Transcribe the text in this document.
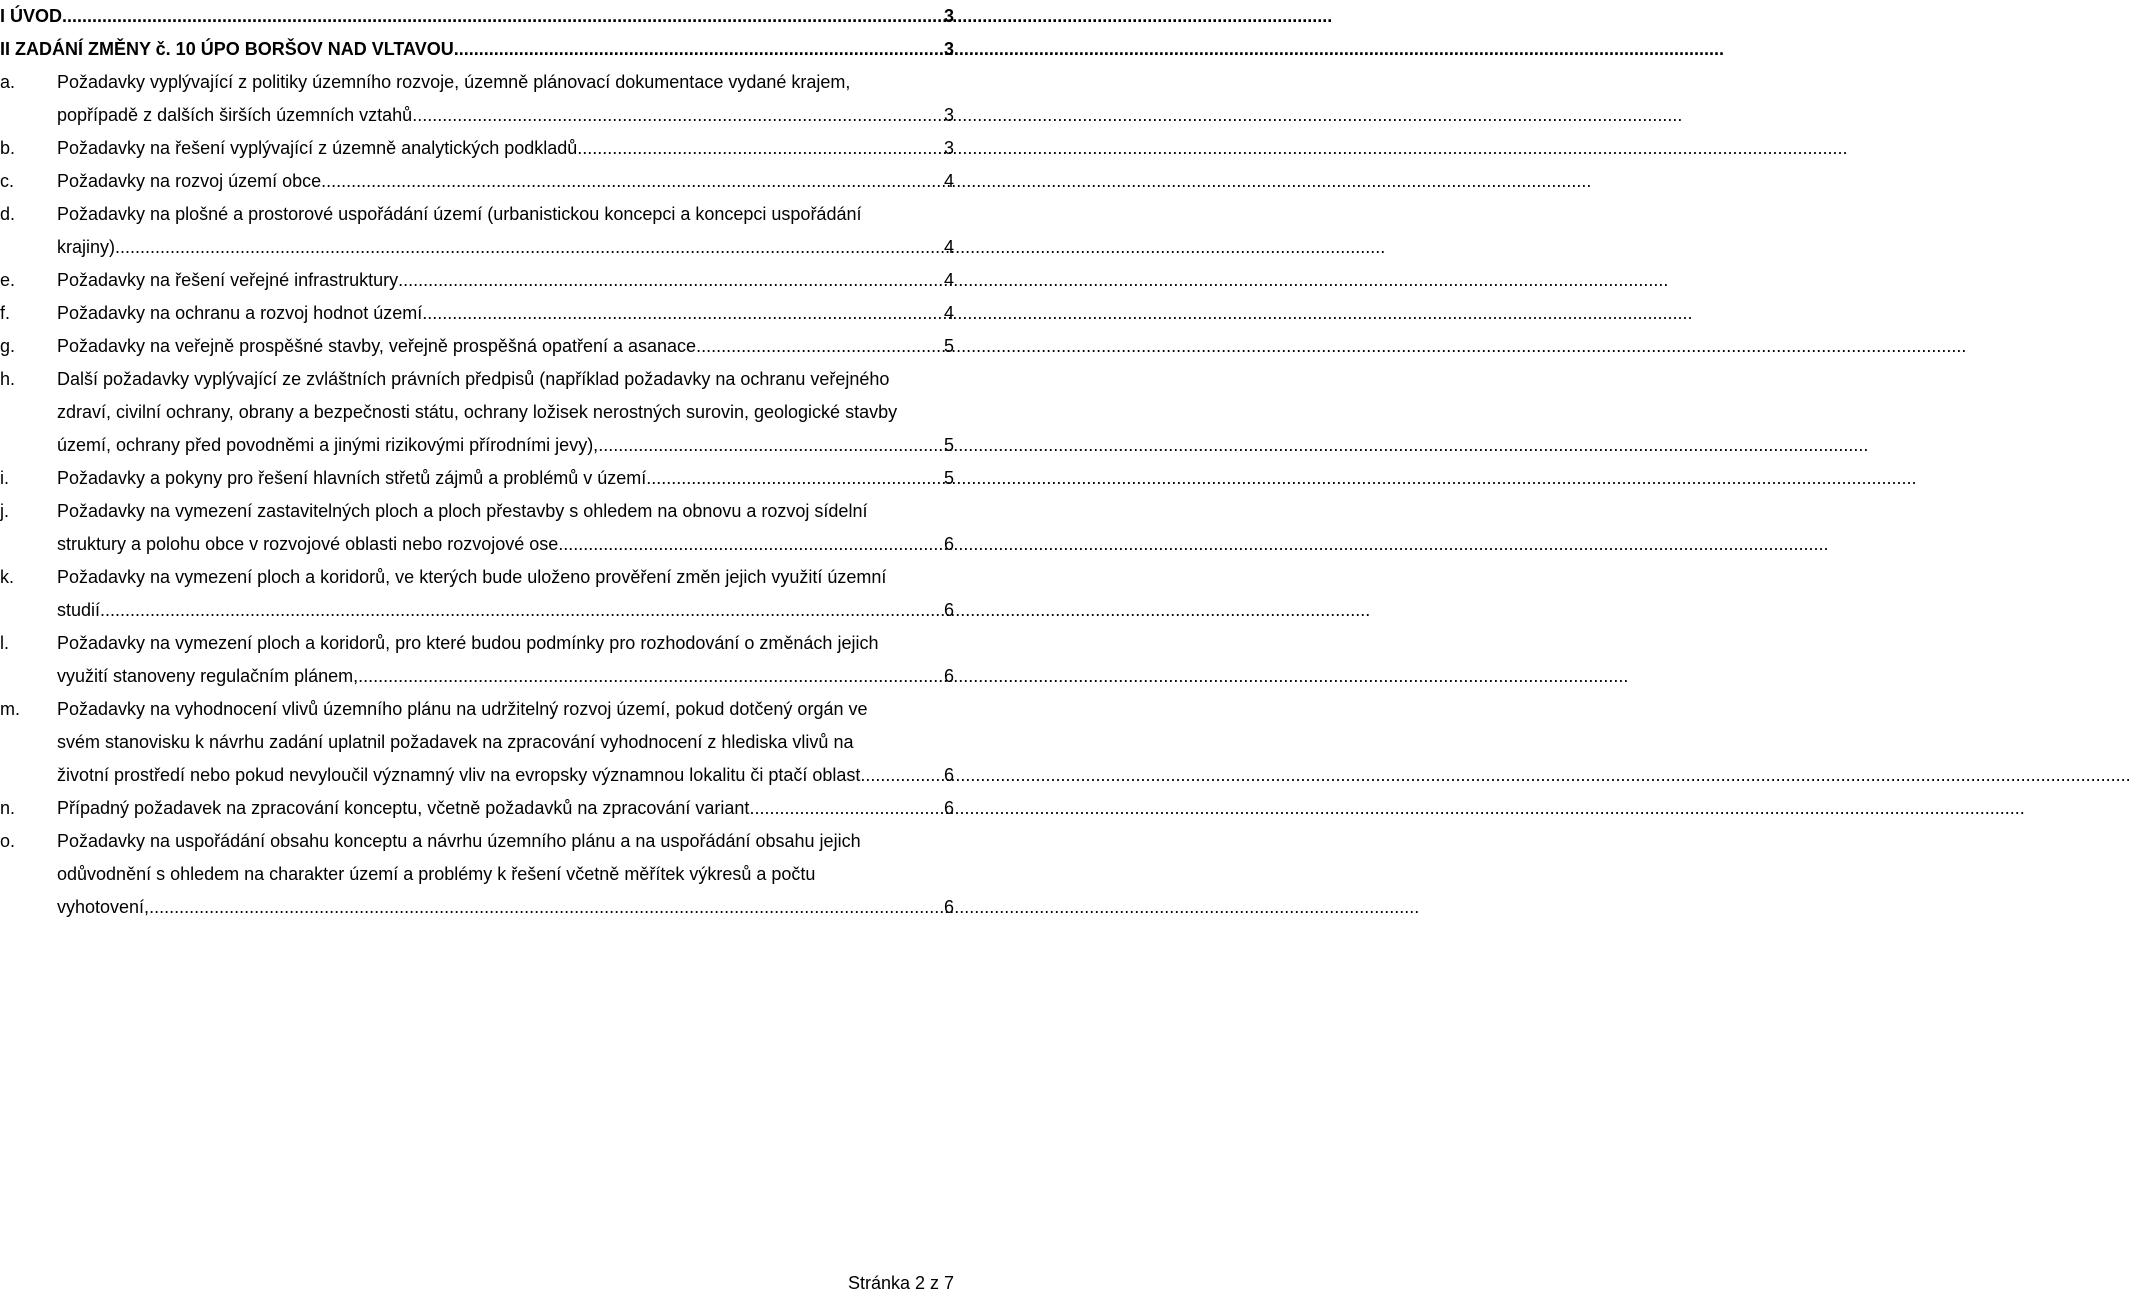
I ÚVOD .....	3
II ZADÁNÍ ZMĚNY č. 10 ÚPO BORŠOV NAD VLTAVOU .....	3
a.	Požadavky vyplývající z politiky územního rozvoje, územně plánovací dokumentace vydané krajem,
popřípadě z dalších širších územních vztahů .....	3
b.	Požadavky na řešení vyplývající z územně analytických podkladů .....	3
c.	Požadavky na rozvoj území obce .....	4
d.	Požadavky na plošné a prostorové uspořádání území (urbanistickou koncepci a koncepci uspořádání
krajiny) .....	4
e.	Požadavky na řešení veřejné infrastruktury .....	4
f.	Požadavky na ochranu a rozvoj hodnot území .....	4
g.	Požadavky na veřejně prospěšné stavby, veřejně prospěšná opatření a asanace .....	5
h.	Další požadavky vyplývající ze zvláštních právních předpisů (například požadavky na ochranu veřejného
zdraví, civilní ochrany, obrany a bezpečnosti státu, ochrany ložisek nerostných surovin, geologické stavby
území, ochrany před povodněmi a jinými rizikovými přírodními jevy), .....	5
i.	Požadavky a pokyny pro řešení hlavních střetů zájmů a problémů v území .....	5
j.	Požadavky na vymezení zastavitelných ploch a ploch přestavby s ohledem na obnovu a rozvoj sídelní
struktury a polohu obce v rozvojové oblasti nebo rozvojové ose .....	6
k.	Požadavky na vymezení ploch a koridorů, ve kterých bude uloženo prověření změn jejich využití územní
studií .....	6
l.	Požadavky na vymezení ploch a koridorů, pro které budou podmínky pro rozhodování o změnách jejich
využití stanoveny regulačním plánem, .....	6
m.	Požadavky na vyhodnocení vlivů územního plánu na udržitelný rozvoj území, pokud dotčený orgán ve
svém stanovisku k návrhu zadání uplatnil požadavek na zpracování vyhodnocení z hlediska vlivů na
životní prostředí nebo pokud nevyloučil významný vliv na evropsky významnou lokalitu či ptačí oblast .....	6
n.	Případný požadavek na zpracování konceptu, včetně požadavků na zpracování variant. .....	6
o.	Požadavky na uspořádání obsahu konceptu a návrhu územního plánu a na uspořádání obsahu jejich
odůvodnění s ohledem na charakter území a problémy k řešení včetně měřítek výkresů a počtu
vyhotovení, .....	6
Stránka 2 z 7
